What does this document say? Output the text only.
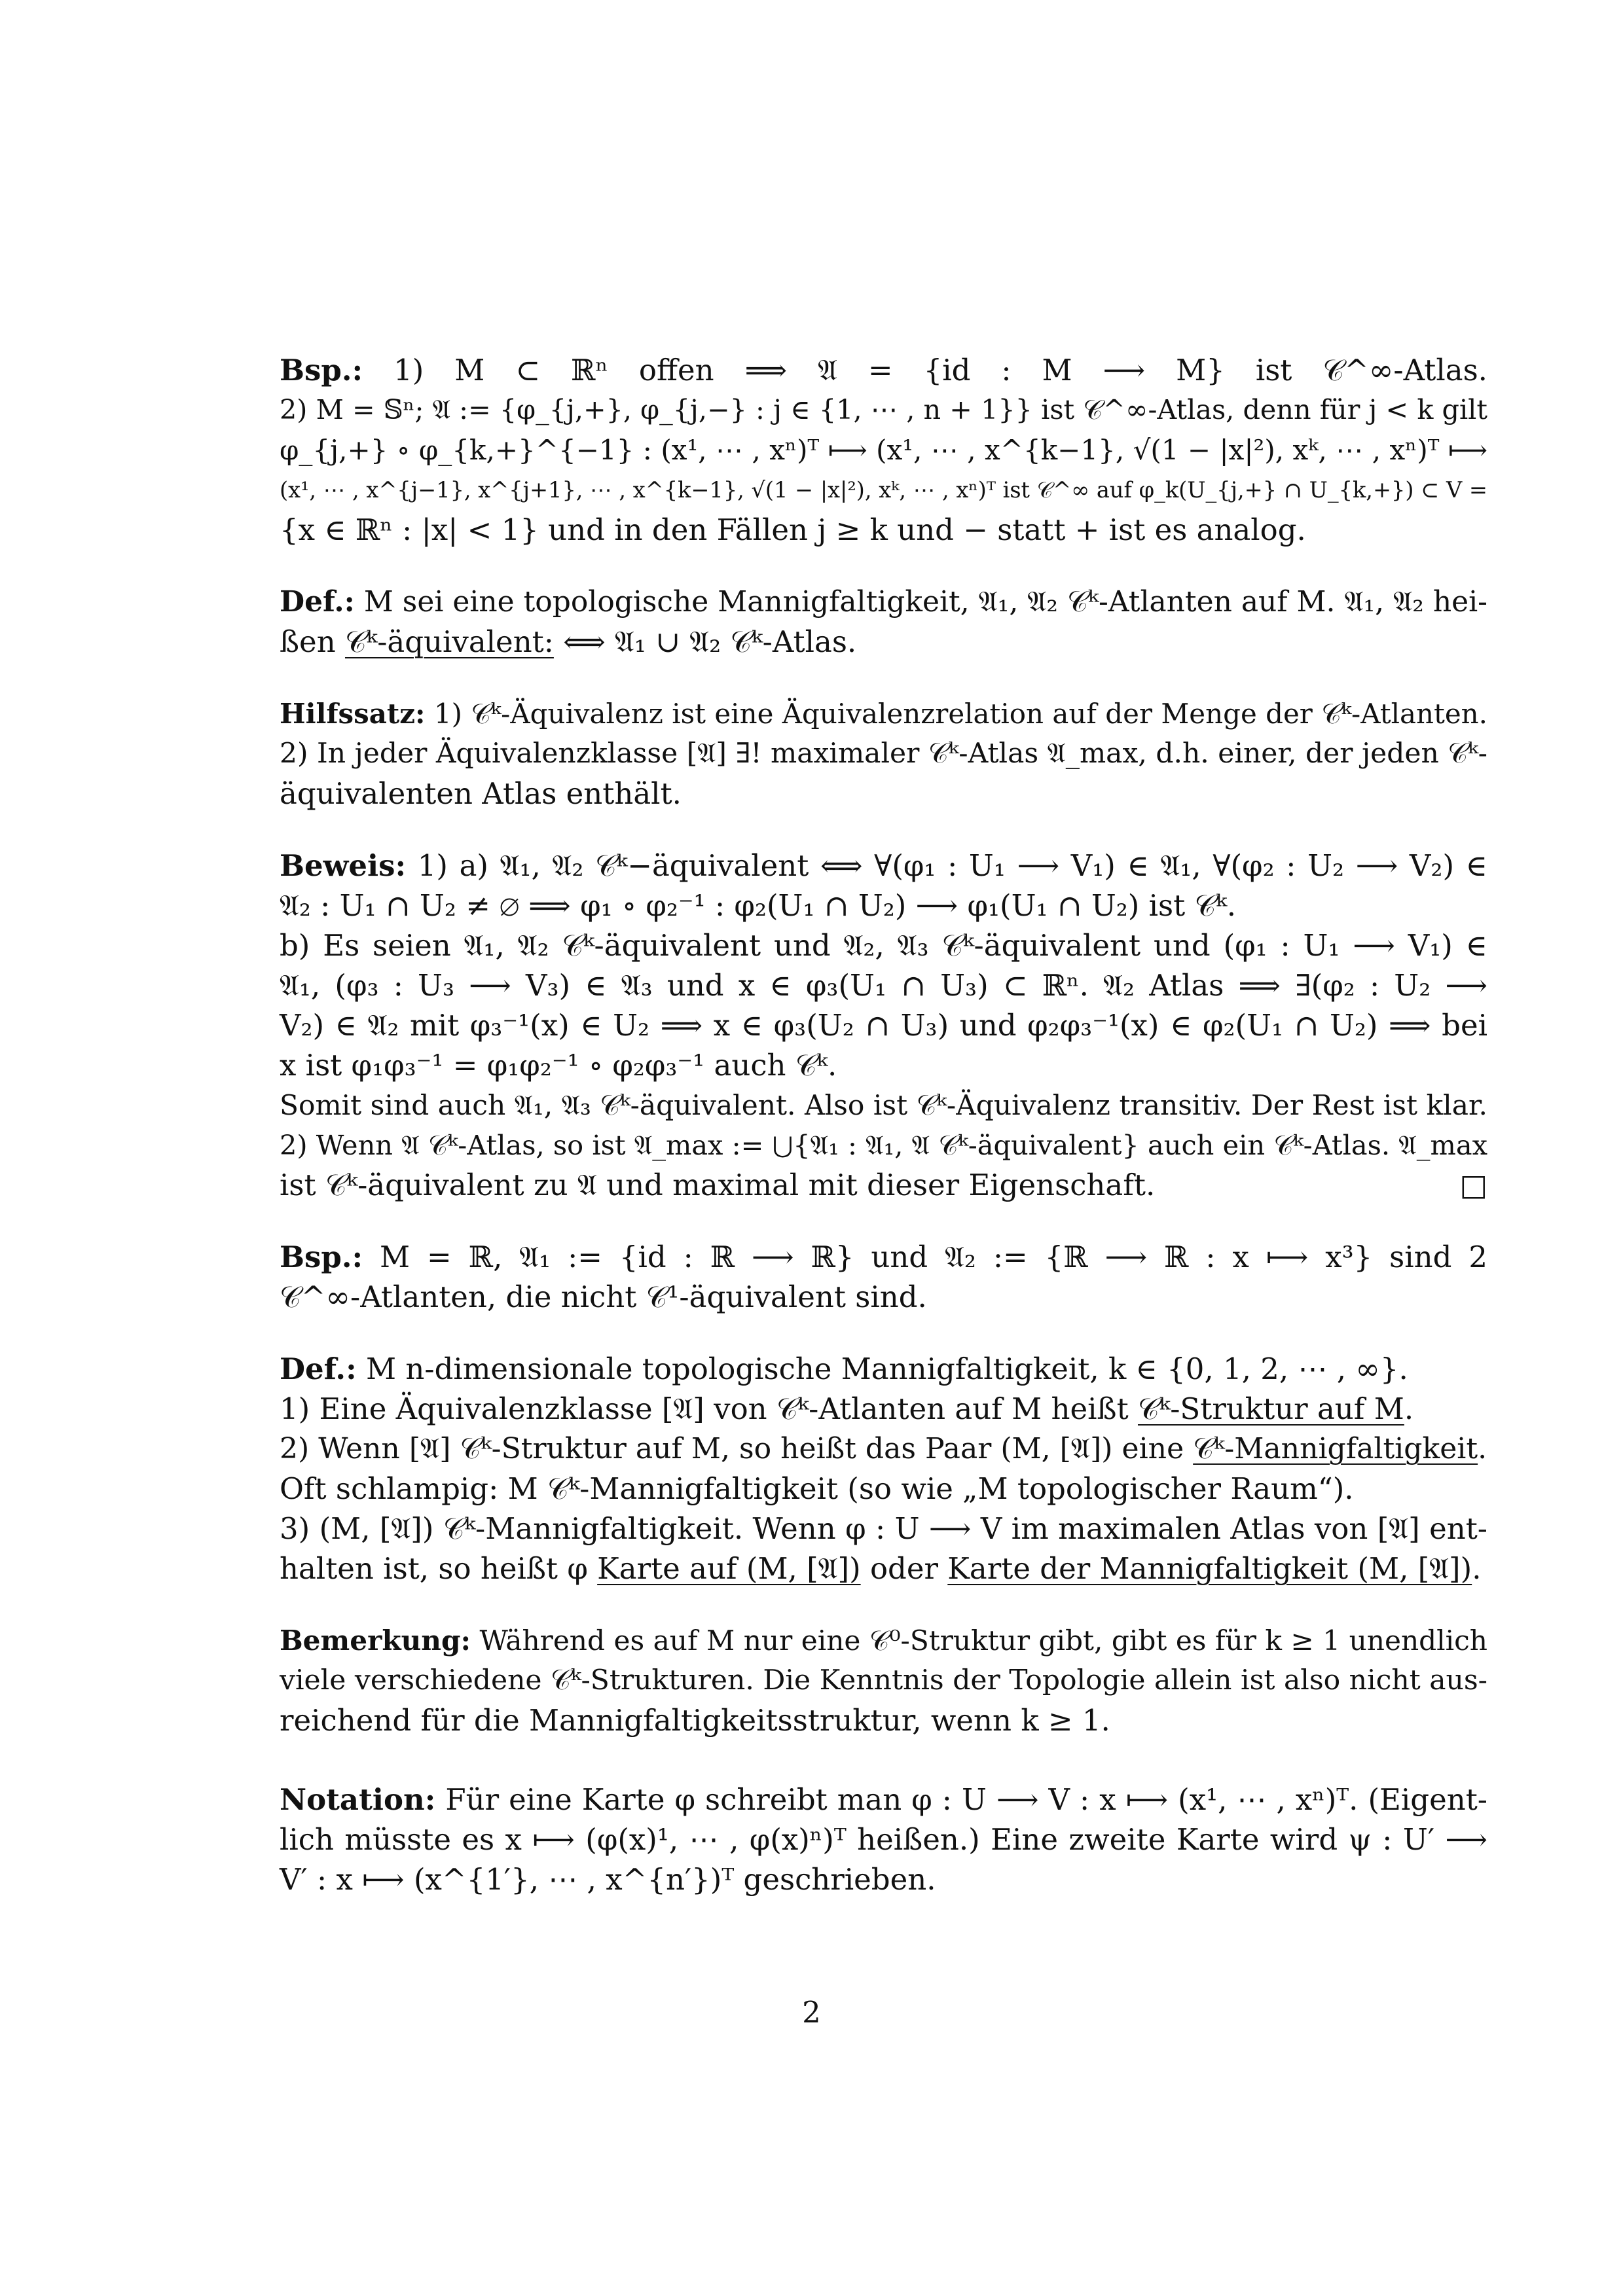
Bsp.: 1) M ⊂ ℝⁿ offen ⟹ 𝔄 = {id : M ⟶ M} ist 𝒞^∞-Atlas.
2) M = 𝕊ⁿ; 𝔄 := {φ_{j,+}, φ_{j,−} : j ∈ {1, ⋯ , n + 1}} ist 𝒞^∞-Atlas, denn für j < k gilt
φ_{j,+} ∘ φ_{k,+}^{−1} : (x¹, ⋯ , xⁿ)ᵀ ⟼ (x¹, ⋯ , x^{k−1}, √(1 − |x|²), xᵏ, ⋯ , xⁿ)ᵀ ⟼
(x¹, ⋯ , x^{j−1}, x^{j+1}, ⋯ , x^{k−1}, √(1 − |x|²), xᵏ, ⋯ , xⁿ)ᵀ ist 𝒞^∞ auf φ_k(U_{j,+} ∩ U_{k,+}) ⊂ V =
{x ∈ ℝⁿ : |x| < 1} und in den Fällen j ≥ k und − statt + ist es analog.
Def.: M sei eine topologische Mannigfaltigkeit, 𝔄₁, 𝔄₂ 𝒞ᵏ-Atlanten auf M. 𝔄₁, 𝔄₂ hei-
ßen 𝒞ᵏ-äquivalent: ⟺ 𝔄₁ ∪ 𝔄₂ 𝒞ᵏ-Atlas.
Hilfssatz: 1) 𝒞ᵏ-Äquivalenz ist eine Äquivalenzrelation auf der Menge der 𝒞ᵏ-Atlanten.
2) In jeder Äquivalenzklasse [𝔄] ∃! maximaler 𝒞ᵏ-Atlas 𝔄_max, d.h. einer, der jeden 𝒞ᵏ-
äquivalenten Atlas enthält.
Beweis: 1) a) 𝔄₁, 𝔄₂ 𝒞ᵏ−äquivalent ⟺ ∀(φ₁ : U₁ ⟶ V₁) ∈ 𝔄₁, ∀(φ₂ : U₂ ⟶ V₂) ∈
𝔄₂ : U₁ ∩ U₂ ≠ ∅ ⟹ φ₁ ∘ φ₂⁻¹ : φ₂(U₁ ∩ U₂) ⟶ φ₁(U₁ ∩ U₂) ist 𝒞ᵏ.
b) Es seien 𝔄₁, 𝔄₂ 𝒞ᵏ-äquivalent und 𝔄₂, 𝔄₃ 𝒞ᵏ-äquivalent und (φ₁ : U₁ ⟶ V₁) ∈
𝔄₁, (φ₃ : U₃ ⟶ V₃) ∈ 𝔄₃ und x ∈ φ₃(U₁ ∩ U₃) ⊂ ℝⁿ. 𝔄₂ Atlas ⟹ ∃(φ₂ : U₂ ⟶
V₂) ∈ 𝔄₂ mit φ₃⁻¹(x) ∈ U₂ ⟹ x ∈ φ₃(U₂ ∩ U₃) und φ₂φ₃⁻¹(x) ∈ φ₂(U₁ ∩ U₂) ⟹ bei
x ist φ₁φ₃⁻¹ = φ₁φ₂⁻¹ ∘ φ₂φ₃⁻¹ auch 𝒞ᵏ.
Somit sind auch 𝔄₁, 𝔄₃ 𝒞ᵏ-äquivalent. Also ist 𝒞ᵏ-Äquivalenz transitiv. Der Rest ist klar.
2) Wenn 𝔄 𝒞ᵏ-Atlas, so ist 𝔄_max := ⋃{𝔄₁ : 𝔄₁, 𝔄 𝒞ᵏ-äquivalent} auch ein 𝒞ᵏ-Atlas. 𝔄_max
ist 𝒞ᵏ-äquivalent zu 𝔄 und maximal mit dieser Eigenschaft.	□
Bsp.: M = ℝ, 𝔄₁ := {id : ℝ ⟶ ℝ} und 𝔄₂ := {ℝ ⟶ ℝ : x ⟼ x³} sind 2
𝒞^∞-Atlanten, die nicht 𝒞¹-äquivalent sind.
Def.: M n-dimensionale topologische Mannigfaltigkeit, k ∈ {0, 1, 2, ⋯ , ∞}.
1) Eine Äquivalenzklasse [𝔄] von 𝒞ᵏ-Atlanten auf M heißt 𝒞ᵏ-Struktur auf M.
2) Wenn [𝔄] 𝒞ᵏ-Struktur auf M, so heißt das Paar (M, [𝔄]) eine 𝒞ᵏ-Mannigfaltigkeit.
Oft schlampig: M 𝒞ᵏ-Mannigfaltigkeit (so wie „M topologischer Raum“).
3) (M, [𝔄]) 𝒞ᵏ-Mannigfaltigkeit. Wenn φ : U ⟶ V im maximalen Atlas von [𝔄] ent-
halten ist, so heißt φ Karte auf (M, [𝔄]) oder Karte der Mannigfaltigkeit (M, [𝔄]).
Bemerkung: Während es auf M nur eine 𝒞⁰-Struktur gibt, gibt es für k ≥ 1 unendlich
viele verschiedene 𝒞ᵏ-Strukturen. Die Kenntnis der Topologie allein ist also nicht aus-
reichend für die Mannigfaltigkeitsstruktur, wenn k ≥ 1.
Notation: Für eine Karte φ schreibt man φ : U ⟶ V : x ⟼ (x¹, ⋯ , xⁿ)ᵀ. (Eigent-
lich müsste es x ⟼ (φ(x)¹, ⋯ , φ(x)ⁿ)ᵀ heißen.) Eine zweite Karte wird ψ : U′ ⟶
V′ : x ⟼ (x^{1′}, ⋯ , x^{n′})ᵀ geschrieben.
2
